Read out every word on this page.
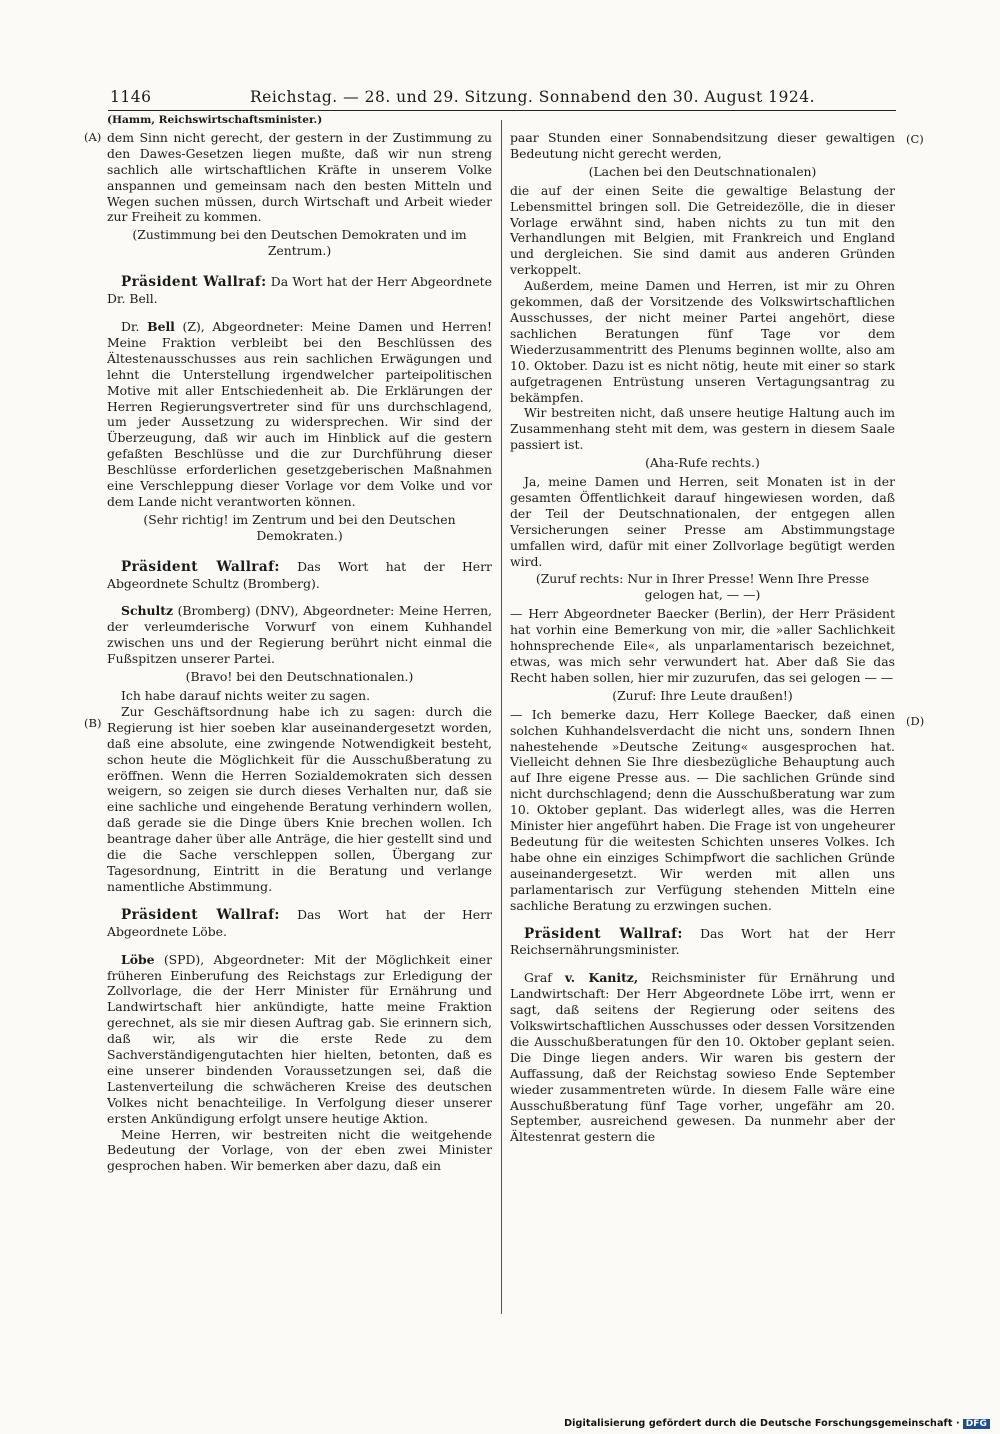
1146	Reichstag. — 28. und 29. Sitzung. Sonnabend den 30. August 1924.
(A)
(B)
(C)
(D)

(Hamm, Reichswirtschaftsminister.)

dem Sinn nicht gerecht, der gestern in der Zustimmung zu den Dawes-Gesetzen liegen mußte, daß wir nun streng sachlich alle wirtschaftlichen Kräfte in unserem Volke anspannen und gemeinsam nach den besten Mitteln und Wegen suchen müssen, durch Wirtschaft und Arbeit wieder zur Freiheit zu kommen.

(Zustimmung bei den Deutschen Demokraten und im Zentrum.)

Präsident Wallraf: Da Wort hat der Herr Abgeordnete Dr. Bell.

Dr. Bell (Z), Abgeordneter: Meine Damen und Herren! Meine Fraktion verbleibt bei den Beschlüssen des Ältestenausschusses aus rein sachlichen Erwägungen und lehnt die Unterstellung irgendwelcher parteipolitischen Motive mit aller Entschiedenheit ab. Die Erklärungen der Herren Regierungsvertreter sind für uns durchschlagend, um jeder Aussetzung zu widersprechen. Wir sind der Überzeugung, daß wir auch im Hinblick auf die gestern gefaßten Beschlüsse und die zur Durchführung dieser Beschlüsse erforderlichen gesetzgeberischen Maßnahmen eine Verschleppung dieser Vorlage vor dem Volke und vor dem Lande nicht verantworten können.

(Sehr richtig! im Zentrum und bei den Deutschen Demokraten.)

Präsident Wallraf: Das Wort hat der Herr Abgeordnete Schultz (Bromberg).

Schultz (Bromberg) (DNV), Abgeordneter: Meine Herren, der verleumderische Vorwurf von einem Kuhhandel zwischen uns und der Regierung berührt nicht einmal die Fußspitzen unserer Partei.

(Bravo! bei den Deutschnationalen.)

Ich habe darauf nichts weiter zu sagen.

Zur Geschäftsordnung habe ich zu sagen: durch die Regierung ist hier soeben klar auseinandergesetzt worden, daß eine absolute, eine zwingende Notwendigkeit besteht, schon heute die Möglichkeit für die Ausschußberatung zu eröffnen. Wenn die Herren Sozialdemokraten sich dessen weigern, so zeigen sie durch dieses Verhalten nur, daß sie eine sachliche und eingehende Beratung verhindern wollen, daß gerade sie die Dinge übers Knie brechen wollen. Ich beantrage daher über alle Anträge, die hier gestellt sind und die die Sache verschleppen sollen, Übergang zur Tagesordnung, Eintritt in die Beratung und verlange namentliche Abstimmung.

Präsident Wallraf: Das Wort hat der Herr Abgeordnete Löbe.

Löbe (SPD), Abgeordneter: Mit der Möglichkeit einer früheren Einberufung des Reichstags zur Erledigung der Zollvorlage, die der Herr Minister für Ernährung und Landwirtschaft hier ankündigte, hatte meine Fraktion gerechnet, als sie mir diesen Auftrag gab. Sie erinnern sich, daß wir, als wir die erste Rede zu dem Sachverständigengutachten hier hielten, betonten, daß es eine unserer bindenden Voraussetzungen sei, daß die Lastenverteilung die schwächeren Kreise des deutschen Volkes nicht benachteilige. In Verfolgung dieser unserer ersten Ankündigung erfolgt unsere heutige Aktion.

Meine Herren, wir bestreiten nicht die weitgehende Bedeutung der Vorlage, von der eben zwei Minister gesprochen haben. Wir bemerken aber dazu, daß ein

paar Stunden einer Sonnabendsitzung dieser gewaltigen Bedeutung nicht gerecht werden,

(Lachen bei den Deutschnationalen)

die auf der einen Seite die gewaltige Belastung der Lebensmittel bringen soll. Die Getreidezölle, die in dieser Vorlage erwähnt sind, haben nichts zu tun mit den Verhandlungen mit Belgien, mit Frankreich und England und dergleichen. Sie sind damit aus anderen Gründen verkoppelt.

Außerdem, meine Damen und Herren, ist mir zu Ohren gekommen, daß der Vorsitzende des Volkswirtschaftlichen Ausschusses, der nicht meiner Partei angehört, diese sachlichen Beratungen fünf Tage vor dem Wiederzusammentritt des Plenums beginnen wollte, also am 10. Oktober. Dazu ist es nicht nötig, heute mit einer so stark aufgetragenen Entrüstung unseren Vertagungsantrag zu bekämpfen.

Wir bestreiten nicht, daß unsere heutige Haltung auch im Zusammenhang steht mit dem, was gestern in diesem Saale passiert ist.

(Aha-Rufe rechts.)

Ja, meine Damen und Herren, seit Monaten ist in der gesamten Öffentlichkeit darauf hingewiesen worden, daß der Teil der Deutschnationalen, der entgegen allen Versicherungen seiner Presse am Abstimmungstage umfallen wird, dafür mit einer Zollvorlage begütigt werden wird.

(Zuruf rechts: Nur in Ihrer Presse! Wenn Ihre Presse gelogen hat, — —)

— Herr Abgeordneter Baecker (Berlin), der Herr Präsident hat vorhin eine Bemerkung von mir, die »aller Sachlichkeit hohnsprechende Eile«, als unparlamentarisch bezeichnet, etwas, was mich sehr verwundert hat. Aber daß Sie das Recht haben sollen, hier mir zuzurufen, das sei gelogen — —

(Zuruf: Ihre Leute draußen!)

— Ich bemerke dazu, Herr Kollege Baecker, daß einen solchen Kuhhandelsverdacht die nicht uns, sondern Ihnen nahestehende »Deutsche Zeitung« ausgesprochen hat. Vielleicht dehnen Sie Ihre diesbezügliche Behauptung auch auf Ihre eigene Presse aus. — Die sachlichen Gründe sind nicht durchschlagend; denn die Ausschußberatung war zum 10. Oktober geplant. Das widerlegt alles, was die Herren Minister hier angeführt haben. Die Frage ist von ungeheurer Bedeutung für die weitesten Schichten unseres Volkes. Ich habe ohne ein einziges Schimpfwort die sachlichen Gründe auseinandergesetzt. Wir werden mit allen uns parlamentarisch zur Verfügung stehenden Mitteln eine sachliche Beratung zu erzwingen suchen.

Präsident Wallraf: Das Wort hat der Herr Reichsernährungsminister.

Graf v. Kanitz, Reichsminister für Ernährung und Landwirtschaft: Der Herr Abgeordnete Löbe irrt, wenn er sagt, daß seitens der Regierung oder seitens des Volkswirtschaftlichen Ausschusses oder dessen Vorsitzenden die Ausschußberatungen für den 10. Oktober geplant seien. Die Dinge liegen anders. Wir waren bis gestern der Auffassung, daß der Reichstag sowieso Ende September wieder zusammentreten würde. In diesem Falle wäre eine Ausschußberatung fünf Tage vorher, ungefähr am 20. September, ausreichend gewesen. Da nunmehr aber der Ältestenrat gestern die

Digitalisierung gefördert durch die Deutsche Forschungsgemeinschaft · DFG
